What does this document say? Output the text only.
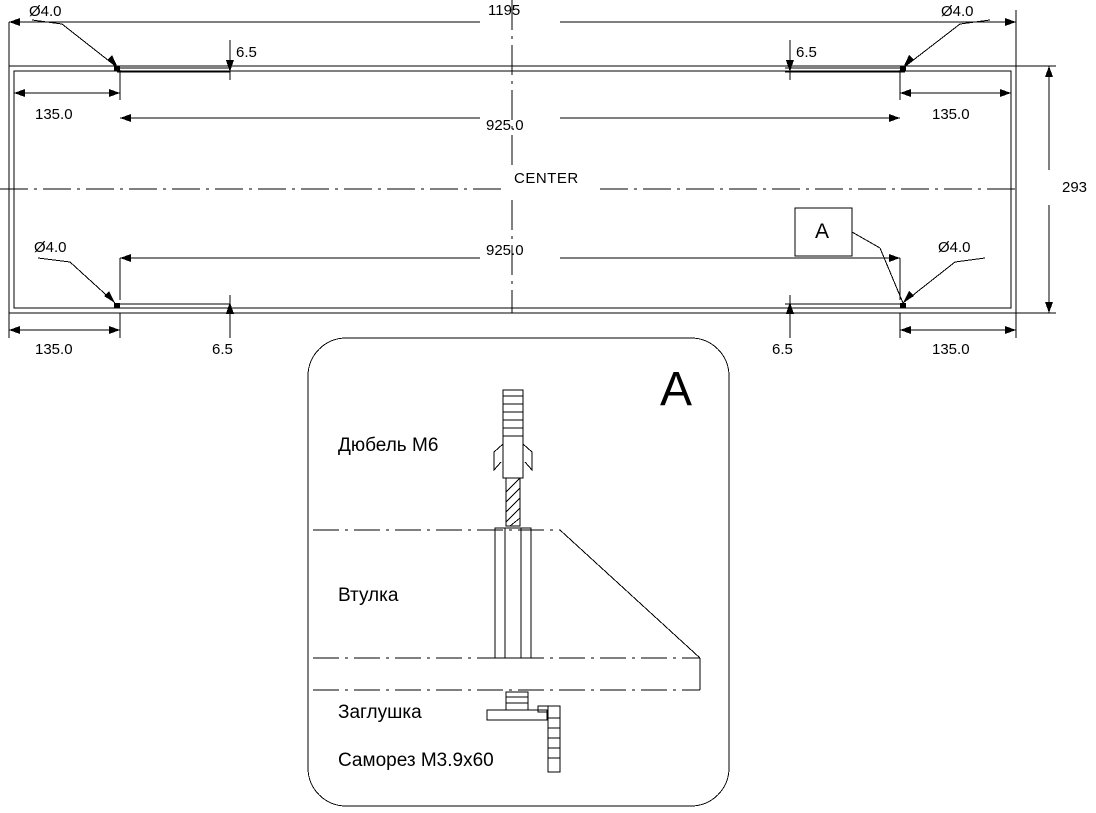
1195
Ø4.0	Ø4.0
Ø4.0	Ø4.0
6.5	6.5
6.5	6.5
135.0	135.0
135.0	135.0
925.0
925.0
CENTER
293
A
A
Дюбель М6
Втулка
Заглушка
Саморез М3.9х60
